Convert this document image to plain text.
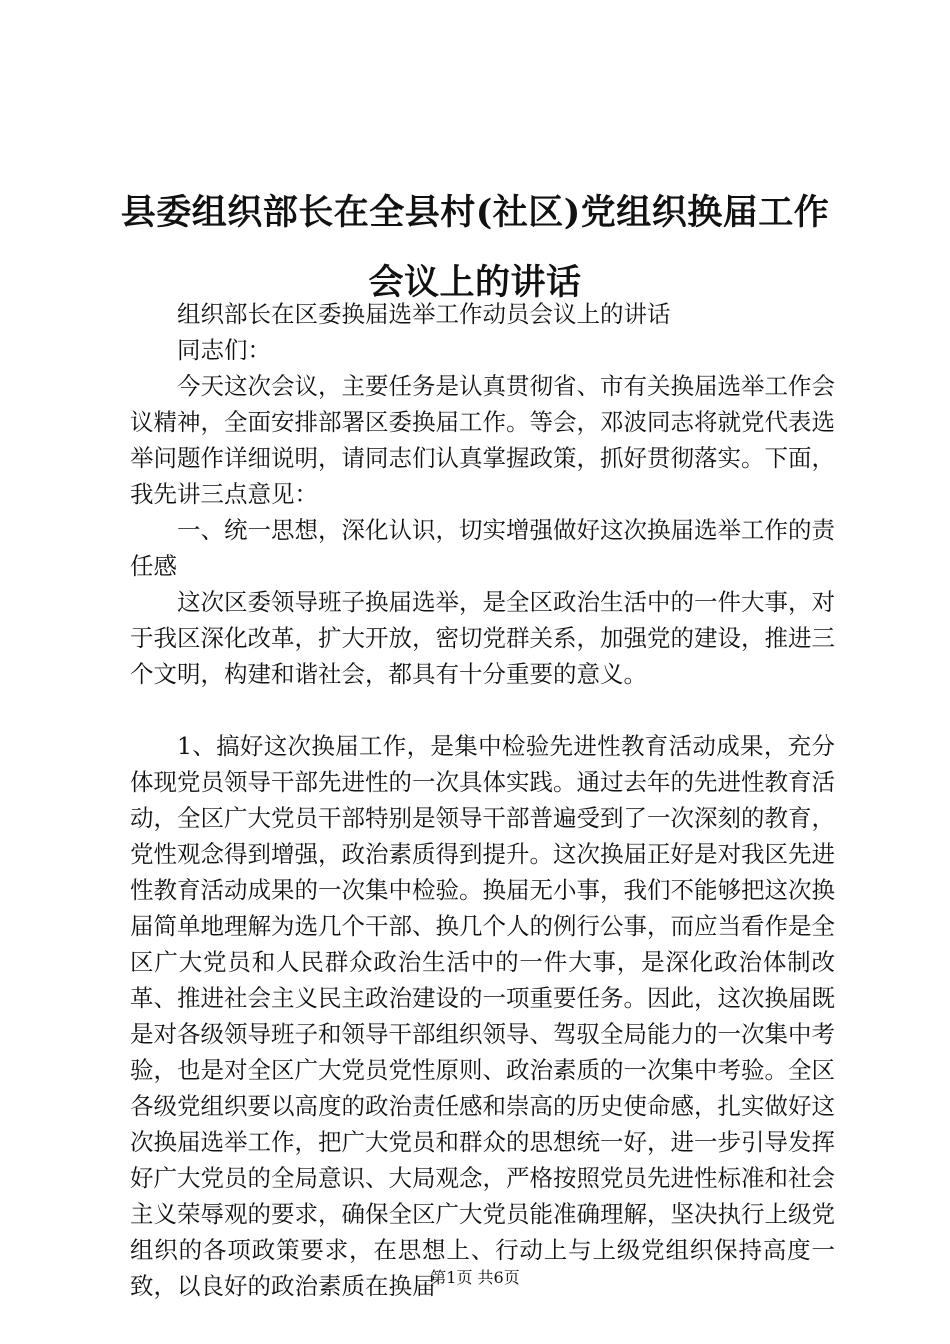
县委组织部长在全县村(社区)党组织换届工作
会议上的讲话

组织部长在区委换届选举工作动员会议上的讲话

同志们：

今天这次会议，主要任务是认真贯彻省、市有关换届选举工作会议精神，全面安排部署区委换届工作。等会，邓波同志将就党代表选举问题作详细说明，请同志们认真掌握政策，抓好贯彻落实。下面，我先讲三点意见：

一、统一思想，深化认识，切实增强做好这次换届选举工作的责任感

这次区委领导班子换届选举，是全区政治生活中的一件大事，对于我区深化改革，扩大开放，密切党群关系，加强党的建设，推进三个文明，构建和谐社会，都具有十分重要的意义。

1、搞好这次换届工作，是集中检验先进性教育活动成果，充分体现党员领导干部先进性的一次具体实践。通过去年的先进性教育活动，全区广大党员干部特别是领导干部普遍受到了一次深刻的教育，党性观念得到增强，政治素质得到提升。这次换届正好是对我区先进性教育活动成果的一次集中检验。换届无小事，我们不能够把这次换届简单地理解为选几个干部、换几个人的例行公事，而应当看作是全区广大党员和人民群众政治生活中的一件大事，是深化政治体制改革、推进社会主义民主政治建设的一项重要任务。因此，这次换届既是对各级领导班子和领导干部组织领导、驾驭全局能力的一次集中考验，也是对全区广大党员党性原则、政治素质的一次集中考验。全区各级党组织要以高度的政治责任感和崇高的历史使命感，扎实做好这次换届选举工作，把广大党员和群众的思想统一好，进一步引导发挥好广大党员的全局意识、大局观念，严格按照党员先进性标准和社会主义荣辱观的要求，确保全区广大党员能准确理解，坚决执行上级党组织的各项政策要求，在思想上、行动上与上级党组织保持高度一致，以良好的政治素质在换届

第1页 共6页
